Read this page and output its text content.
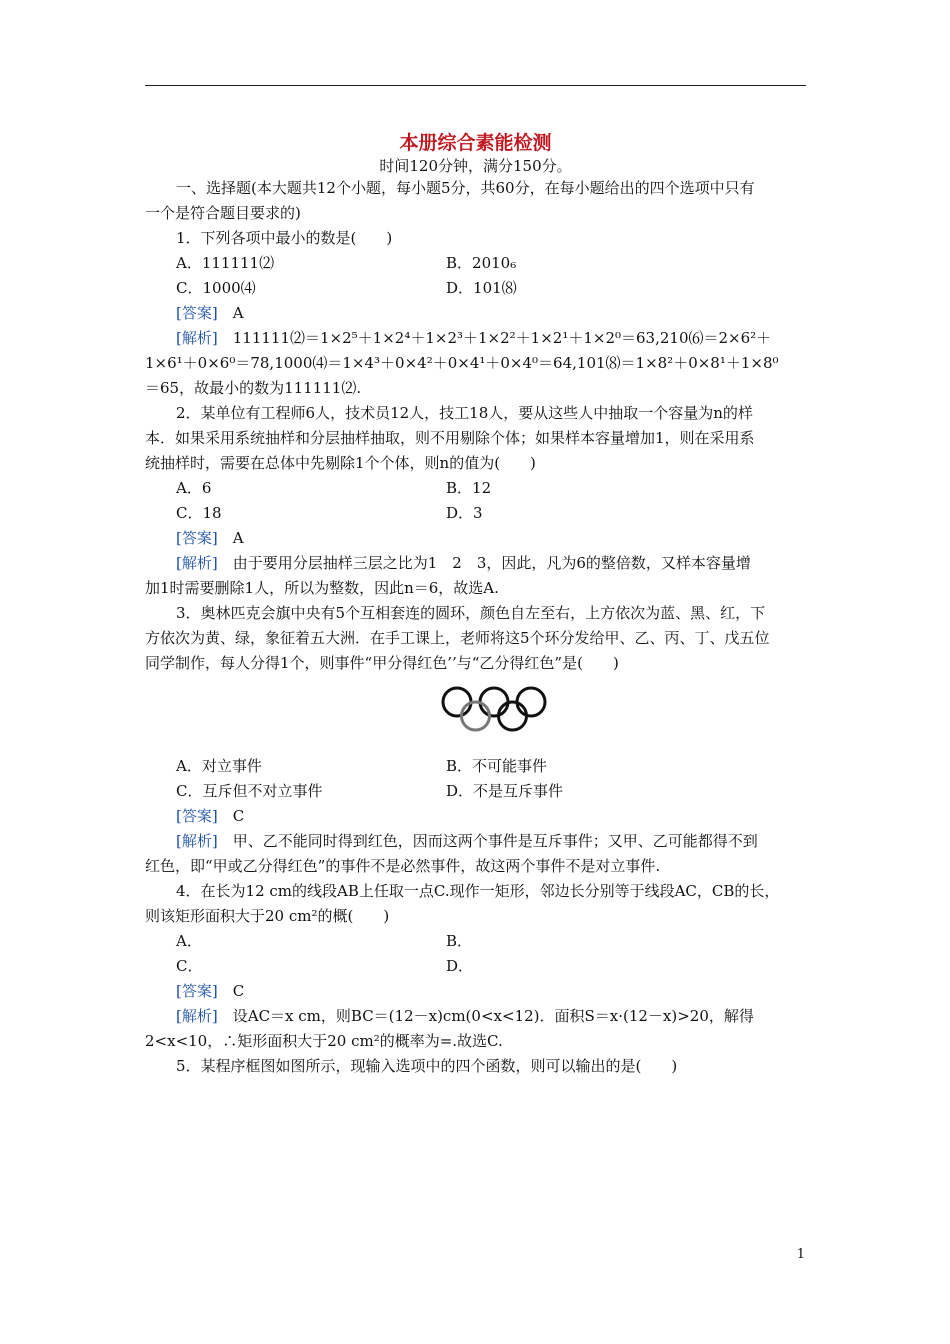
本册综合素能检测
时间120分钟，满分150分。
一、选择题(本大题共12个小题，每小题5分，共60分，在每小题给出的四个选项中只有
一个是符合题目要求的)
1．下列各项中最小的数是(　　)
A．111111⑵	B．2010₆
C．1000⑷	D．101⑻
[答案]　 A
[解析]　 111111⑵＝1×2⁵＋1×2⁴＋1×2³＋1×2²＋1×2¹＋1×2⁰＝63,210⑹＝2×6²＋
1×6¹＋0×6⁰＝78,1000⑷＝1×4³＋0×4²＋0×4¹＋0×4⁰＝64,101⑻＝1×8²＋0×8¹＋1×8⁰
＝65，故最小的数为111111⑵.
2．某单位有工程师6人，技术员12人，技工18人，要从这些人中抽取一个容量为n的样
本．如果采用系统抽样和分层抽样抽取，则不用剔除个体；如果样本容量增加1，则在采用系
统抽样时，需要在总体中先剔除1个个体，则n的值为(　　)
A．6	B．12
C．18	D．3
[答案]　 A
[解析]　 由于要用分层抽样三层之比为1　2　3，因此，凡为6的整倍数，又样本容量增
加1时需要删除1人，所以为整数，因此n＝6，故选A.
3．奥林匹克会旗中央有5个互相套连的圆环，颜色自左至右，上方依次为蓝、黑、红，下
方依次为黄、绿，象征着五大洲．在手工课上，老师将这5个环分发给甲、乙、丙、丁、戊五位
同学制作，每人分得1个，则事件“甲分得红色’’与“乙分得红色”是(　　)
A．对立事件	B．不可能事件
C．互斥但不对立事件	D．不是互斥事件
[答案]　 C
[解析]　 甲、乙不能同时得到红色，因而这两个事件是互斥事件；又甲、乙可能都得不到
红色，即“甲或乙分得红色”的事件不是必然事件，故这两个事件不是对立事件.
4．在长为12 cm的线段AB上任取一点C.现作一矩形，邻边长分别等于线段AC，CB的长，
则该矩形面积大于20 cm²的概(　　)
A．	B．
C．	D．
[答案]　 C
[解析]　 设AC＝x cm，则BC＝(12－x)cm(0<x<12)．面积S＝x·(12－x)>20，解得
2<x<10，∴矩形面积大于20 cm²的概率为=.故选C.
5．某程序框图如图所示，现输入选项中的四个函数，则可以输出的是(　　)
1
